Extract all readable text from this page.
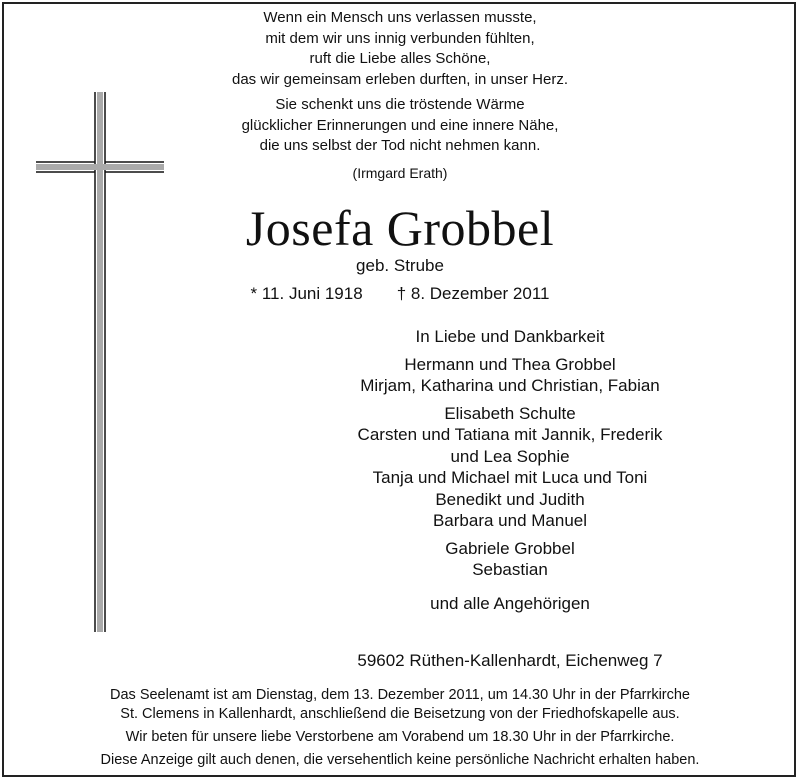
Wenn ein Mensch uns verlassen musste,
mit dem wir uns innig verbunden fühlten,
ruft die Liebe alles Schöne,
das wir gemeinsam erleben durften, in unser Herz.
Sie schenkt uns die tröstende Wärme
glücklicher Erinnerungen und eine innere Nähe,
die uns selbst der Tod nicht nehmen kann.
(Irmgard Erath)
Josefa Grobbel
geb. Strube
* 11. Juni 1918 † 8. Dezember 2011
In Liebe und Dankbarkeit
Hermann und Thea Grobbel
Mirjam, Katharina und Christian, Fabian
Elisabeth Schulte
Carsten und Tatiana mit Jannik, Frederik
und Lea Sophie
Tanja und Michael mit Luca und Toni
Benedikt und Judith
Barbara und Manuel
Gabriele Grobbel
Sebastian
und alle Angehörigen
59602 Rüthen-Kallenhardt, Eichenweg 7
Das Seelenamt ist am Dienstag, dem 13. Dezember 2011, um 14.30 Uhr in der Pfarrkirche
St. Clemens in Kallenhardt, anschließend die Beisetzung von der Friedhofskapelle aus.
Wir beten für unsere liebe Verstorbene am Vorabend um 18.30 Uhr in der Pfarrkirche.
Diese Anzeige gilt auch denen, die versehentlich keine persönliche Nachricht erhalten haben.
